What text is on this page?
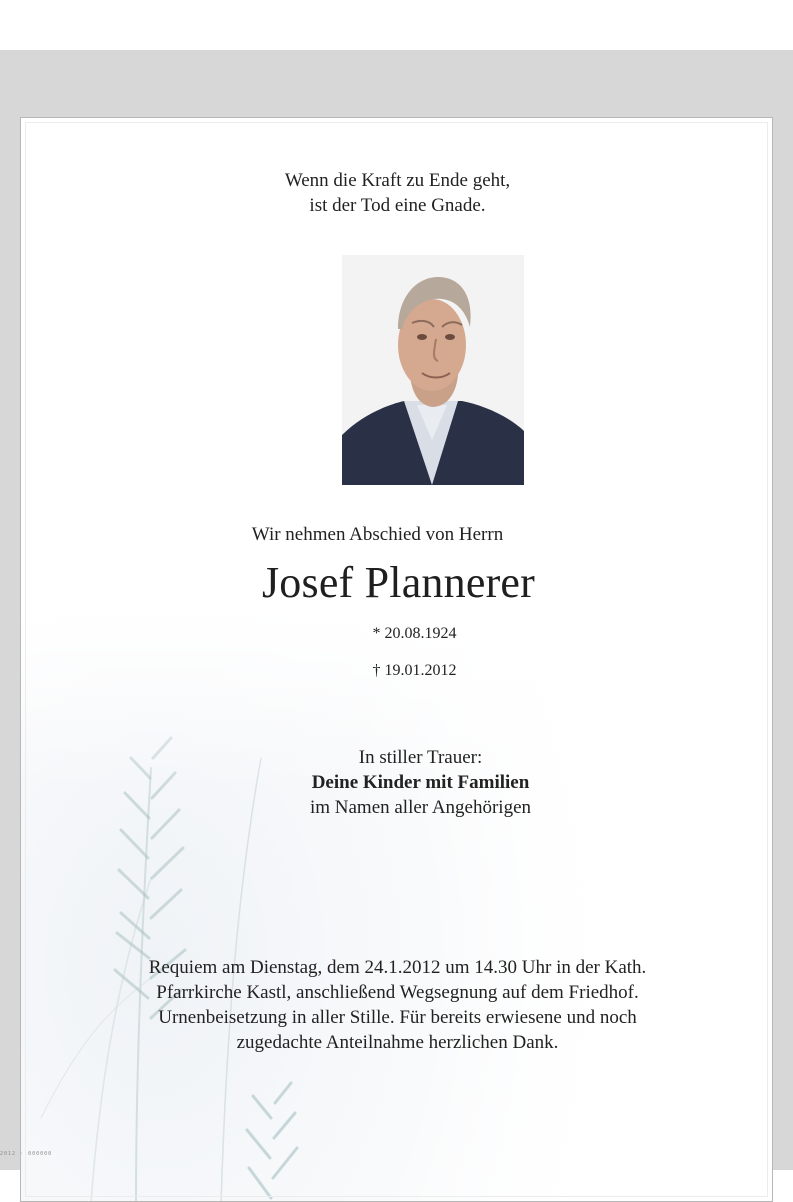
Wenn die Kraft zu Ende geht,
ist der Tod eine Gnade.
Wir nehmen Abschied von Herrn
Josef Plannerer
* 20.08.1924
† 19.01.2012
In stiller Trauer:
Deine Kinder mit Familien
im Namen aller Angehörigen
Requiem am Dienstag, dem 24.1.2012 um 14.30 Uhr in der Kath.
Pfarrkirche Kastl, anschließend Wegsegnung auf dem Friedhof.
Urnenbeisetzung in aller Stille. Für bereits erwiesene und noch
zugedachte Anteilnahme herzlichen Dank.
2012 · 000000
